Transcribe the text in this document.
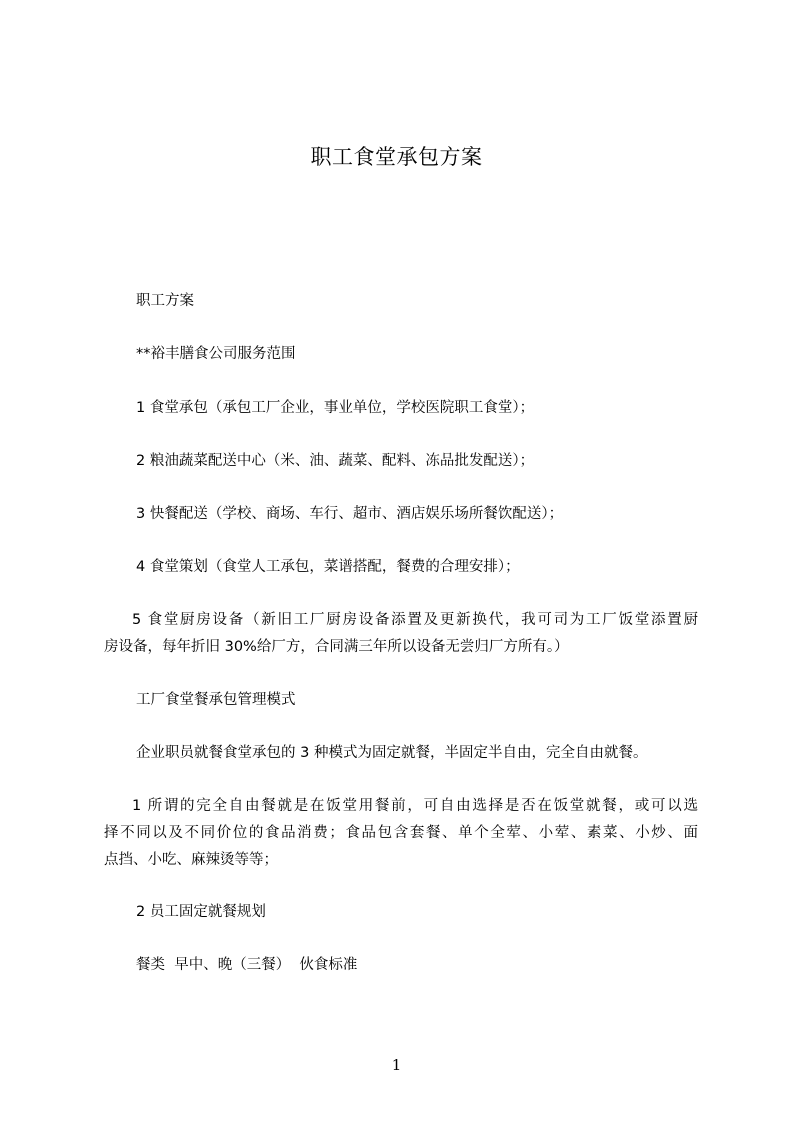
职工食堂承包方案
职工方案
**裕丰膳食公司服务范围
1 食堂承包（承包工厂企业，事业单位，学校医院职工食堂）；
2 粮油蔬菜配送中心（米、油、蔬菜、配料、冻品批发配送）；
3 快餐配送（学校、商场、车行、超市、酒店娱乐场所餐饮配送）；
4 食堂策划（食堂人工承包，菜谱搭配，餐费的合理安排）；
5 食堂厨房设备（新旧工厂厨房设备添置及更新换代，我可司为工厂饭堂添置厨
房设备，每年折旧 30%给厂方，合同满三年所以设备无尝归厂方所有。）
工厂食堂餐承包管理模式
企业职员就餐食堂承包的 3 种模式为固定就餐，半固定半自由，完全自由就餐。
1 所谓的完全自由餐就是在饭堂用餐前，可自由选择是否在饭堂就餐，或可以选
择不同以及不同价位的食品消费；食品包含套餐、单个全荤、小荤、素菜、小炒、面
点挡、小吃、麻辣烫等等；
2 员工固定就餐规划
餐类  早中、晚（三餐）  伙食标准
1
